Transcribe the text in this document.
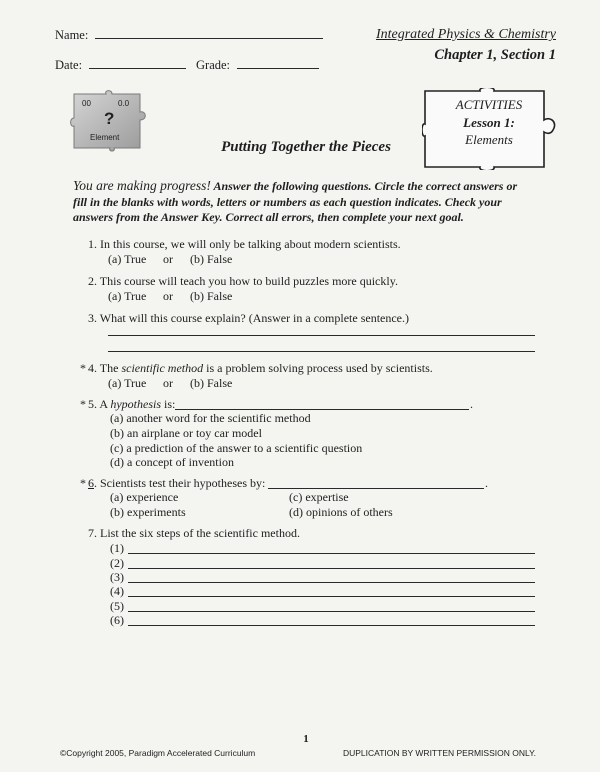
Name:
Date:	Grade:
Integrated Physics & Chemistry
Chapter 1, Section 1
00	0.0
?
Element
ACTIVITIES
Lesson 1:
Elements
Putting Together the Pieces
You are making progress! Answer the following questions. Circle the correct answers or fill in the blanks with words, letters or numbers as each question indicates. Check your answers from the Answer Key. Correct all errors, then complete your next goal.
1. In this course, we will only be talking about modern scientists.
(a) True or (b) False
2. This course will teach you how to build puzzles more quickly.
(a) True or (b) False
3. What will this course explain? (Answer in a complete sentence.)
* 4. The scientific method is a problem solving process used by scientists.
(a) True or (b) False
* 5. A hypothesis is:	.
(a) another word for the scientific method
(b) an airplane or toy car model
(c) a prediction of the answer to a scientific question
(d) a concept of invention
* 6. Scientists test their hypotheses by:	.
(a) experience
(b) experiments
(c) expertise
(d) opinions of others
7. List the six steps of the scientific method.
(1)
(2)
(3)
(4)
(5)
(6)
1
©Copyright 2005, Paradigm Accelerated Curriculum	DUPLICATION BY WRITTEN PERMISSION ONLY.
